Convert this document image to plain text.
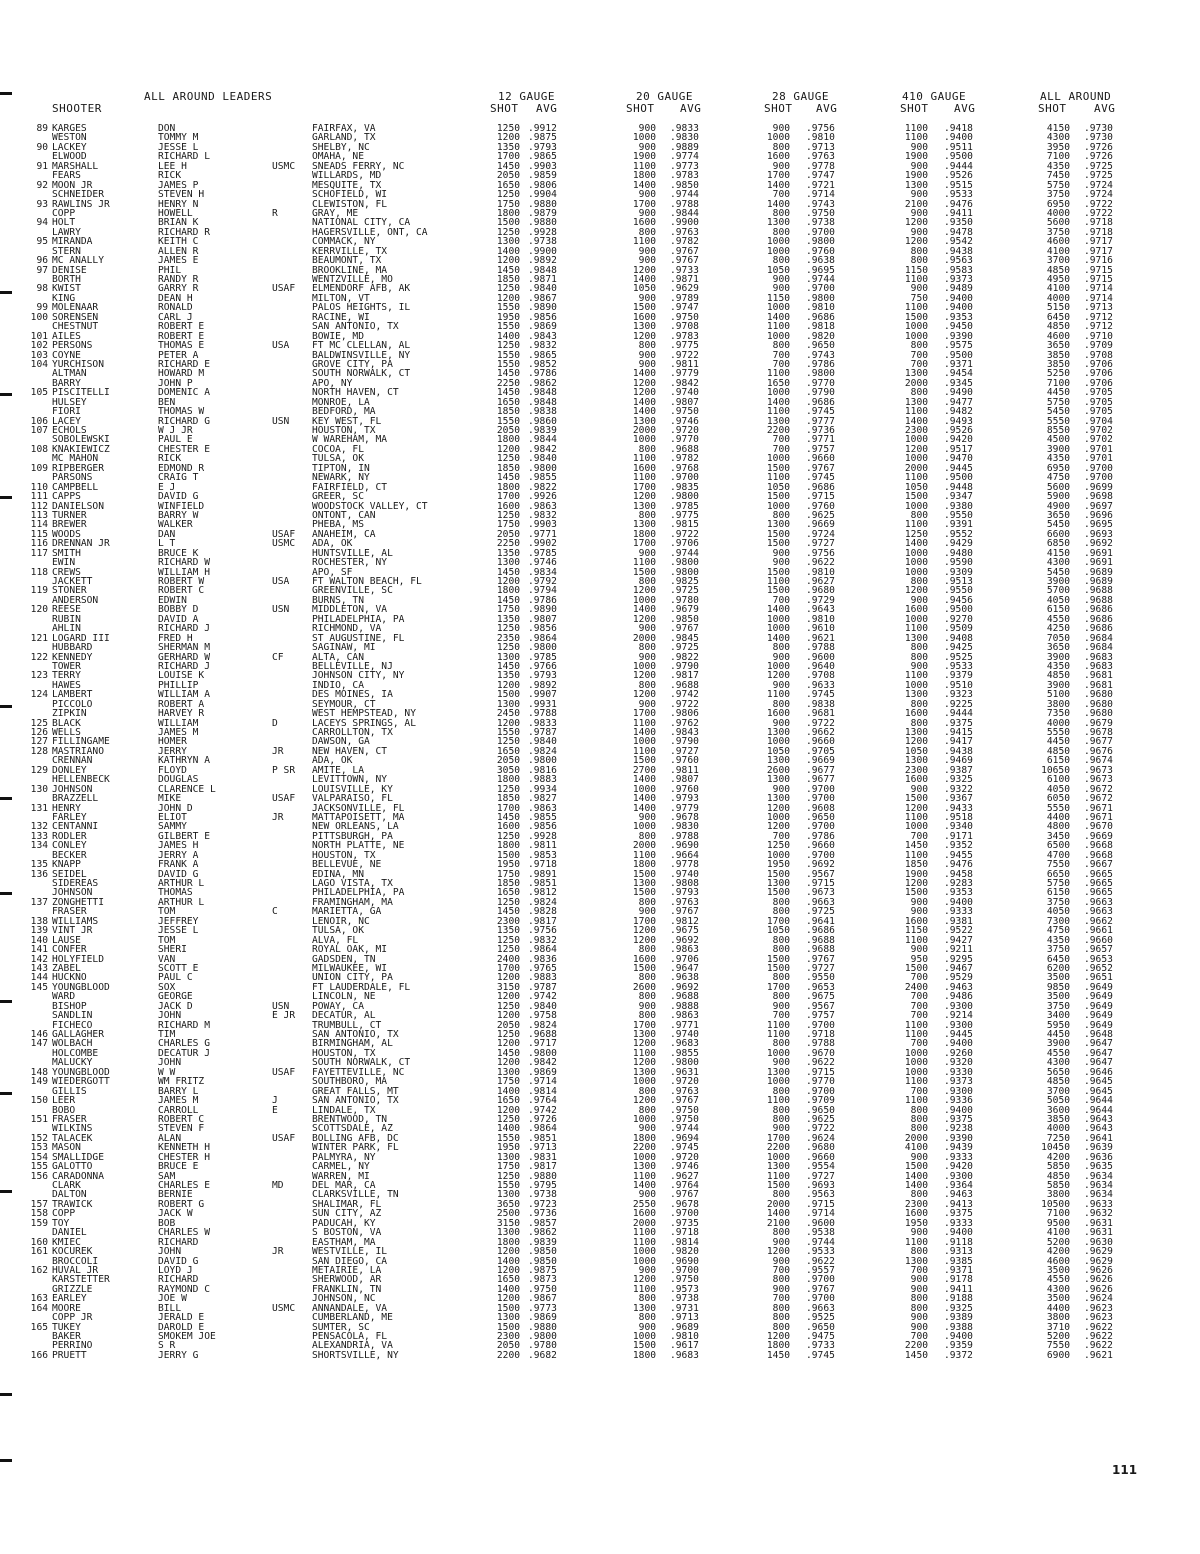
ALL AROUND LEADERS	12 GAUGE	20 GAUGE	28 GAUGE	410 GAUGE	ALL AROUND
SHOOTER	SHOT AVG	SHOT AVG	SHOT AVG	SHOT AVG	SHOT	AVG
89 KARGES	DON	FAIRFAX, VA	1250 .9912	900 .9833	900 .9756	1100 .9418	4150 .9730
WESTON	TOMMY M	GARLAND, TX	1200 .9875	1000 .9830	1000 .9810	1100 .9400	4300 .9730
90 LACKEY	JESSE L	SHELBY, NC	1350 .9793	900 .9889	800 .9713	900 .9511	3950 .9726
ELWOOD	RICHARD L	OMAHA, NE	1700 .9865	1900 .9774	1600 .9763	1900 .9500	7100 .9726
91 MARSHALL	LEE H	USMC SNEADS FERRY, NC	1450 .9903	1100 .9773	900 .9778	900 .9444	4350 .9725
FEARS	RICK	WILLARDS, MD	2050 .9859	1800 .9783	1700 .9747	1900 .9526	7450 .9725
92 MOON JR	JAMES P	MESQUITE, TX	1650 .9806	1400 .9850	1400 .9721	1300 .9515	5750 .9724
SCHNEIDER	STEVEN H	SCHOFIELD, WI	1250 .9904	900 .9744	700 .9714	900 .9533	3750 .9724
93 RAWLINS JR	HENRY N	CLEWISTON, FL	1750 .9880	1700 .9788	1400 .9743	2100 .9476	6950 .9722
COPP	HOWELL	R	GRAY, ME	1800 .9879	900 .9844	800 .9750	900 .9411	4000 .9722
94 HOLT	BRIAN K	NATIONAL CITY, CA	1500 .9880	1600 .9900	1300 .9738	1200 .9350	5600 .9718
LAWRY	RICHARD R	HAGERSVILLE, ONT, CA	1250 .9928	800 .9763	800 .9700	900 .9478	3750 .9718
95 MIRANDA	KEITH C	COMMACK, NY	1300 .9738	1100 .9782	1000 .9800	1200 .9542	4600 .9717
STERN	ALLEN R	KERRVILLE, TX	1400 .9900	900 .9767	1000 .9760	800 .9438	4100 .9717
96 MC ANALLY	JAMES E	BEAUMONT, TX	1200 .9892	900 .9767	800 .9638	800 .9563	3700 .9716
97 DENISE	PHIL	BROOKLINE, MA	1450 .9848	1200 .9733	1050 .9695	1150 .9583	4850 .9715
BORTH	RANDY R	WENTZVILLE, MO	1850 .9871	1400 .9871	900 .9744	1100 .9373	4950 .9715
98 KWIST	GARRY R	USAF ELMENDORF AFB, AK	1250 .9840	1050 .9629	900 .9700	900 .9489	4100 .9714
KING	DEAN H	MILTON, VT	1200 .9867	900 .9789	1150 .9800	750 .9400	4000 .9714
99 MOLENAAR	RONALD	PALOS HEIGHTS, IL	1550 .9890	1500 .9747	1000 .9810	1100 .9400	5150 .9713
100 SORENSEN	CARL J	RACINE, WI	1950 .9856	1600 .9750	1400 .9686	1500 .9353	6450 .9712
CHESTNUT	ROBERT E	SAN ANTONIO, TX	1550 .9869	1300 .9708	1100 .9818	1000 .9450	4850 .9712
101 AILES	ROBERT E	BOWIE, MD	1400 .9843	1200 .9783	1000 .9820	1000 .9390	4600 .9710
102 PERSONS	THOMAS E	USA FT MC CLELLAN, AL	1250 .9832	800 .9775	800 .9650	800 .9575	3650 .9709
103 COYNE	PETER A	BALDWINSVILLE, NY	1550 .9865	900 .9722	700 .9743	700 .9500	3850 .9708
104 YURCHISON	RICHARD E	GROVE CITY, PA	1550 .9852	900 .9811	700 .9786	700 .9371	3850 .9706
ALTMAN	HOWARD M	SOUTH NORWALK, CT	1450 .9786	1400 .9779	1100 .9800	1300 .9454	5250 .9706
BARRY	JOHN P	APO, NY	2250 .9862	1200 .9842	1650 .9770	2000 .9345	7100 .9706
105 PISCITELLI	DOMENIC A	NORTH HAVEN, CT	1450 .9848	1200 .9740	1000 .9790	800 .9490	4450 .9705
HULSEY	BEN	MONROE, LA	1650 .9848	1400 .9807	1400 .9686	1300 .9477	5750 .9705
FIORI	THOMAS W	BEDFORD, MA	1850 .9838	1400 .9750	1100 .9745	1100 .9482	5450 .9705
106 LACEY	RICHARD G	USN KEY WEST, FL	1550 .9860	1300 .9746	1300 .9777	1400 .9493	5550 .9704
107 ECHOLS	W J JR	HOUSTON, TX	2050 .9839	2000 .9720	2200 .9736	2300 .9526	8550 .9702
SOBOLEWSKI	PAUL E	W WAREHAM, MA	1800 .9844	1000 .9770	700 .9771	1000 .9420	4500 .9702
108 KNAKIEWICZ	CHESTER E	COCOA, FL	1200 .9842	800 .9688	700 .9757	1200 .9517	3900 .9701
MC MAHON	RICK	TULSA, OK	1250 .9840	1100 .9782	1000 .9660	1000 .9470	4350 .9701
109 RIPBERGER	EDMOND R	TIPTON, IN	1850 .9800	1600 .9768	1500 .9767	2000 .9445	6950 .9700
PARSONS	CRAIG T	NEWARK, NY	1450 .9855	1100 .9700	1100 .9745	1100 .9500	4750 .9700
110 CAMPBELL	E J	FAIRFIELD, CT	1800 .9822	1700 .9835	1050 .9686	1050 .9448	5600 .9699
111 CAPPS	DAVID G	GREER, SC	1700 .9926	1200 .9800	1500 .9715	1500 .9347	5900 .9698
112 DANIELSON	WINFIELD	WOODSTOCK VALLEY, CT	1600 .9863	1300 .9785	1000 .9760	1000 .9380	4900 .9697
113 TURNER	BARRY W	ONTONT, CAN	1250 .9832	800 .9775	800 .9625	800 .9550	3650 .9696
114 BREWER	WALKER	PHEBA, MS	1750 .9903	1300 .9815	1300 .9669	1100 .9391	5450 .9695
115 WOODS	DAN	USAF ANAHEIM, CA	2050 .9771	1800 .9722	1500 .9724	1250 .9552	6600 .9693
116 DRENNAN JR	L T	USMC ADA, OK	2250 .9902	1700 .9706	1500 .9727	1400 .9429	6850 .9692
117 SMITH	BRUCE K	HUNTSVILLE, AL	1350 .9785	900 .9744	900 .9756	1000 .9480	4150 .9691
EWIN	RICHARD W	ROCHESTER, NY	1300 .9746	1100 .9800	900 .9622	1000 .9590	4300 .9691
118 CREWS	WILLIAM H	APO, SF	1450 .9834	1500 .9800	1500 .9810	1000 .9309	5450 .9689
JACKETT	ROBERT W	USA FT WALTON BEACH, FL	1200 .9792	800 .9825	1100 .9627	800 .9513	3900 .9689
119 STONER	ROBERT C	GREENVILLE, SC	1800 .9794	1200 .9725	1500 .9680	1200 .9550	5700 .9688
ANDERSON	EDWIN	BURNS, TN	1450 .9786	1000 .9780	700 .9729	900 .9456	4050 .9688
120 REESE	BOBBY D	USN MIDDLETON, VA	1750 .9890	1400 .9679	1400 .9643	1600 .9500	6150 .9686
RUBIN	DAVID A	PHILADELPHIA, PA	1350 .9807	1200 .9850	1000 .9810	1000 .9270	4550 .9686
AHLIN	RICHARD J	RICHMOND, VA	1250 .9856	900 .9767	1000 .9610	1100 .9509	4250 .9686
121 LOGARD III	FRED H	ST AUGUSTINE, FL	2350 .9864	2000 .9845	1400 .9621	1300 .9408	7050 .9684
HUBBARD	SHERMAN M	SAGINAW, MI	1250 .9800	800 .9725	800 .9788	800 .9425	3650 .9684
122 KENNEDY	GERHARD W	CF	ALTA, CAN	1300 .9785	900 .9822	900 .9600	800 .9525	3900 .9683
TOWER	RICHARD J	BELLEVILLE, NJ	1450 .9766	1000 .9790	1000 .9640	900 .9533	4350 .9683
123 TERRY	LOUISE K	JOHNSON CITY, NY	1350 .9793	1200 .9817	1200 .9708	1100 .9379	4850 .9681
HAWES	PHILLIP	INDIO, CA	1200 .9892	800 .9688	900 .9633	1000 .9510	3900 .9681
124 LAMBERT	WILLIAM A	DES MOINES, IA	1500 .9907	1200 .9742	1100 .9745	1300 .9323	5100 .9680
PICCOLO	ROBERT A	SEYMOUR, CT	1300 .9931	900 .9722	800 .9838	800 .9225	3800 .9680
ZIPKIN	HARVEY R	WEST HEMPSTEAD, NY	2450 .9788	1700 .9806	1600 .9681	1600 .9444	7350 .9680
125 BLACK	WILLIAM	D	LACEYS SPRINGS, AL	1200 .9833	1100 .9762	900 .9722	800 .9375	4000 .9679
126 WELLS	JAMES M	CARROLLTON, TX	1550 .9787	1400 .9843	1300 .9662	1300 .9415	5550 .9678
127 FILLINGAME	HOMER	DAWSON, GA	1250 .9840	1000 .9790	1000 .9660	1200 .9417	4450 .9677
128 MASTRIANO	JERRY	JR	NEW HAVEN, CT	1650 .9824	1100 .9727	1050 .9705	1050 .9438	4850 .9676
CRENNAN	KATHRYN A	ADA, OK	2050 .9800	1500 .9760	1300 .9669	1300 .9469	6150 .9674
129 DONLEY	FLOYD	P SR AMITE, LA	3050 .9816	2700 .9811	2600 .9677	2300 .9387	10650 .9673
HELLENBECK	DOUGLAS	LEVITTOWN, NY	1800 .9883	1400 .9807	1300 .9677	1600 .9325	6100 .9673
130 JOHNSON	CLARENCE L	LOUISVILLE, KY	1250 .9934	1000 .9760	900 .9700	900 .9322	4050 .9672
BRAZZELL	MIKE	USAF VALPARAISO, FL	1850 .9827	1400 .9793	1300 .9700	1500 .9367	6050 .9672
131 HENRY	JOHN D	JACKSONVILLE, FL	1700 .9863	1400 .9779	1200 .9608	1200 .9433	5550 .9671
FARLEY	ELIOT	JR	MATTAPOISETT, MA	1450 .9855	900 .9678	1000 .9650	1100 .9518	4400 .9671
132 CENTANNI	SAMMY	NEW ORLEANS, LA	1600 .9856	1000 .9830	1200 .9700	1000 .9340	4800 .9670
133 RODLER	GILBERT E	PITTSBURGH, PA	1250 .9928	800 .9788	700 .9786	700 .9171	3450 .9669
134 CONLEY	JAMES H	NORTH PLATTE, NE	1800 .9811	2000 .9690	1250 .9660	1450 .9352	6500 .9668
BECKER	JERRY A	HOUSTON, TX	1500 .9853	1100 .9664	1000 .9700	1100 .9455	4700 .9668
135 KNAPP	FRANK A	BELLEVUE, NE	1950 .9718	1800 .9778	1950 .9692	1850 .9476	7550 .9667
136 SEIDEL	DAVID G	EDINA, MN	1750 .9891	1500 .9740	1500 .9567	1900 .9458	6650 .9665
SIDEREAS	ARTHUR L	LAGO VISTA, TX	1850 .9851	1300 .9808	1300 .9715	1200 .9283	5750 .9665
JOHNSON	THOMAS	PHILADELPHIA, PA	1650 .9812	1500 .9793	1500 .9673	1500 .9353	6150 .9665
137 ZONGHETTI	ARTHUR L	FRAMINGHAM, MA	1250 .9824	800 .9763	800 .9663	900 .9400	3750 .9663
FRASER	TOM	C	MARIETTA, GA	1450 .9828	900 .9767	800 .9725	900 .9333	4050 .9663
138 WILLIAMS	JEFFREY	LENOIR, NC	2300 .9817	1700 .9812	1700 .9641	1600 .9381	7300 .9662
139 VINT JR	JESSE L	TULSA, OK	1350 .9756	1200 .9675	1050 .9686	1150 .9522	4750 .9661
140 LAUSE	TOM	ALVA, FL	1250 .9832	1200 .9692	800 .9688	1100 .9427	4350 .9660
141 CONFER	SHERI	ROYAL OAK, MI	1250 .9864	800 .9863	800 .9688	900 .9211	3750 .9657
142 HOLYFIELD	VAN	GADSDEN, TN	2400 .9836	1600 .9706	1500 .9767	950 .9295	6450 .9653
143 ZABEL	SCOTT E	MILWAUKEE, WI	1700 .9765	1500 .9647	1500 .9727	1500 .9467	6200 .9652
144 HUCKNO	PAUL C	UNION CITY, PA	1200 .9883	800 .9638	800 .9550	700 .9529	3500 .9651
145 YOUNGBLOOD	SOX	FT LAUDERDALE, FL	3150 .9787	2600 .9692	1700 .9653	2400 .9463	9850 .9649
WARD	GEORGE	LINCOLN, NE	1200 .9742	800 .9688	800 .9675	700 .9486	3500 .9649
BISHOP	JACK D	USN POWAY, CA	1250 .9840	900 .9888	900 .9567	700 .9300	3750 .9649
SANDLIN	JOHN	E JR DECATUR, AL	1200 .9758	800 .9863	700 .9757	700 .9214	3400 .9649
FICHECO	RICHARD M	TRUMBULL, CT	2050 .9824	1700 .9771	1100 .9700	1100 .9300	5950 .9649
146 GALLAGHER	TIM	SAN ANTONIO, TX	1250 .9688	1300 .9740	1100 .9718	1100 .9445	4450 .9648
147 WOLBACH	CHARLES G	BIRMINGHAM, AL	1200 .9717	1200 .9683	800 .9788	700 .9400	3900 .9647
HOLCOMBE	DECATUR J	HOUSTON, TX	1450 .9800	1100 .9855	1000 .9670	1000 .9260	4550 .9647
MALUCKY	JOHN	SOUTH NORWALK, CT	1200 .9842	1200 .9800	900 .9622	1000 .9320	4300 .9647
148 YOUNGBLOOD	W W	USAF FAYETTEVILLE, NC	1300 .9869	1300 .9631	1300 .9715	1000 .9330	5650 .9646
149 WIEDERGOTT	WM FRITZ	SOUTHBORO, MA	1750 .9714	1000 .9720	1000 .9770	1100 .9373	4850 .9645
GILLIS	BARRY L	GREAT FALLS, MT	1400 .9814	800 .9763	800 .9700	700 .9300	3700 .9645
150 LEER	JAMES M	J	SAN ANTONIO, TX	1650 .9764	1200 .9767	1100 .9709	1100 .9336	5050 .9644
BOBO	CARROLL	E	LINDALE, TX	1200 .9742	800 .9750	800 .9650	800 .9400	3600 .9644
151 FRASER	ROBERT C	BRENTWOOD, TN	1250 .9726	1000 .9750	800 .9625	800 .9375	3850 .9643
WILKINS	STEVEN F	SCOTTSDALE, AZ	1400 .9864	900 .9744	900 .9722	800 .9238	4000 .9643
152 TALACEK	ALAN	USAF BOLLING AFB, DC	1550 .9851	1800 .9694	1700 .9624	2000 .9390	7250 .9641
153 MASON	KENNETH H	WINTER PARK, FL	1950 .9713	2200 .9745	2200 .9680	4100 .9439	10450 .9639
154 SMALLIDGE	CHESTER H	PALMYRA, NY	1300 .9831	1000 .9720	1000 .9660	900 .9333	4200 .9636
155 GALOTTO	BRUCE E	CARMEL, NY	1750 .9817	1300 .9746	1300 .9554	1500 .9420	5850 .9635
156 CARADONNA	SAM	WARREN, MI	1250 .9880	1100 .9627	1100 .9727	1400 .9300	4850 .9634
CLARK	CHARLES E	MD	DEL MAR, CA	1550 .9795	1400 .9764	1500 .9693	1400 .9364	5850 .9634
DALTON	BERNIE	CLARKSVILLE, TN	1300 .9738	900 .9767	800 .9563	800 .9463	3800 .9634
157 TRAWICK	ROBERT G	SHALIMAR, FL	3650 .9723	2550 .9678	2000 .9715	2300 .9413	10500 .9633
158 COPP	JACK W	SUN CITY, AZ	2500 .9736	1600 .9700	1400 .9714	1600 .9375	7100 .9632
159 TOY	BOB	PADUCAH, KY	3150 .9857	2000 .9735	2100 .9600	1950 .9333	9500 .9631
DANIEL	CHARLES W	S BOSTON, VA	1300 .9862	1100 .9718	800 .9538	900 .9400	4100 .9631
160 KMIEC	RICHARD	EASTHAM, MA	1800 .9839	1100 .9814	900 .9744	1100 .9118	5200 .9630
161 KOCUREK	JOHN	JR	WESTVILLE, IL	1200 .9850	1000 .9820	1200 .9533	800 .9313	4200 .9629
BROCCOLI	DAVID G	SAN DIEGO, CA	1400 .9850	1000 .9690	900 .9622	1300 .9385	4600 .9629
162 HUVAL JR	LOYD J	METAIRIE, LA	1200 .9875	900 .9700	700 .9557	700 .9371	3500 .9626
KARSTETTER	RICHARD	SHERWOOD, AR	1650 .9873	1200 .9750	800 .9700	900 .9178	4550 .9626
GRIZZLE	RAYMOND C	FRANKLIN, TN	1400 .9750	1100 .9573	900 .9767	900 .9411	4300 .9626
163 EARLEY	JOE W	JOHNSON, NC	1200 .9867	800 .9738	700 .9700	800 .9188	3500 .9624
164 MOORE	BILL	USMC ANNANDALE, VA	1500 .9773	1300 .9731	800 .9663	800 .9325	4400 .9623
COPP JR	JERALD E	CUMBERLAND, ME	1300 .9869	800 .9713	800 .9525	900 .9389	3800 .9623
165 TUKEY	DAROLD E	SUMTER, SC	1500 .9880	900 .9689	800 .9650	900 .9388	3710 .9622
BAKER	SMOKEM JOE	PENSACOLA, FL	2300 .9800	1000 .9810	1200 .9475	700 .9400	5200 .9622
PERRINO	S R	ALEXANDRIA, VA	2050 .9780	1500 .9617	1800 .9733	2200 .9359	7550 .9622
166 PRUETT	JERRY G	SHORTSVILLE, NY	2200 .9682	1800 .9683	1450 .9745	1450 .9372	6900 .9621
111
